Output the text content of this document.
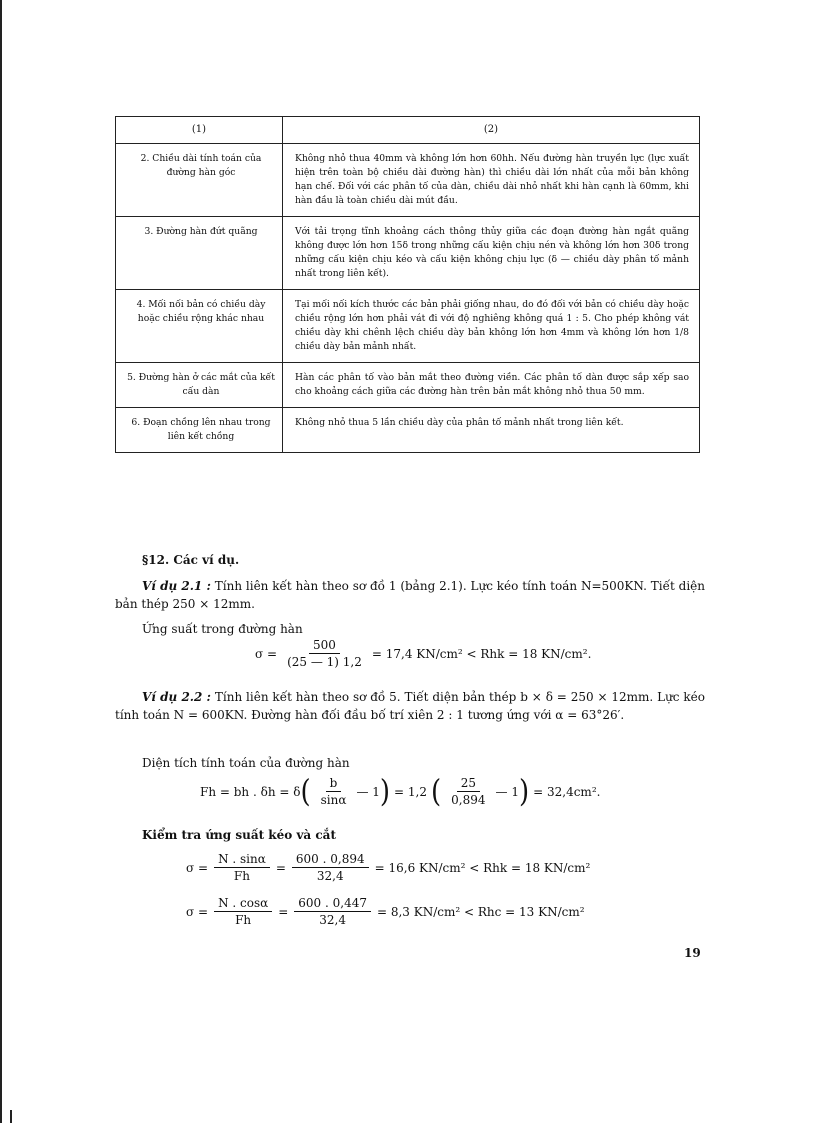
(1)	(2)
2. Chiều dài tính toán của đường hàn góc	Không nhỏ thua 40mm và không lớn hơn 60hh. Nếu đường hàn truyền lực (lực xuất hiện trên toàn bộ chiều dài đường hàn) thì chiều dài lớn nhất của mỗi bản không hạn chế. Đối với các phân tố của dàn, chiều dài nhỏ nhất khi hàn cạnh là 60mm, khi hàn đầu là toàn chiều dài mút đầu.
3. Đường hàn đứt quãng	Với tải trọng tĩnh khoảng cách thông thủy giữa các đoạn đường hàn ngắt quãng không được lớn hơn 15δ trong những cấu kiện chịu nén và không lớn hơn 30δ trong những cấu kiện chịu kéo và cấu kiện không chịu lực (δ — chiều dày phân tố mảnh nhất trong liên kết).
4. Mối nối bản có chiều dày hoặc chiều rộng khác nhau	Tại mối nối kích thước các bản phải giống nhau, do đó đối với bản có chiều dày hoặc chiều rộng lớn hơn phải vát đi với độ nghiêng không quá 1 : 5. Cho phép không vát chiều dày khi chênh lệch chiều dày bản không lớn hơn 4mm và không lớn hơn 1/8 chiều dày bản mảnh nhất.
5. Đường hàn ở các mắt của kết cấu dàn	Hàn các phân tố vào bản mắt theo đường viền. Các phân tố dàn được sắp xếp sao cho khoảng cách giữa các đường hàn trên bản mắt không nhỏ thua 50 mm.
6. Đoạn chồng lên nhau trong liên kết chồng	Không nhỏ thua 5 lần chiều dày của phân tố mảnh nhất trong liên kết.
§12. Các ví dụ.
Ví dụ 2.1 : Tính liên kết hàn theo sơ đồ 1 (bảng 2.1). Lực kéo tính toán N=500KN. Tiết diện bản thép 250 × 12mm.
Ứng suất trong đường hàn
$\sigma = \frac{500}{(25 — 1) 1,2} = 17,4$ KN/cm² < Rhk = 18 KN/cm².
Ví dụ 2.2 : Tính liên kết hàn theo sơ đồ 5. Tiết diện bản thép b × δ = 250 × 12mm. Lực kéo tính toán N = 600KN. Đường hàn đối đầu bố trí xiên 2 : 1 tương ứng với α = 63°26′.
Diện tích tính toán của đường hàn
Fh = bh . δh = δ ( $\frac{b}{\sin\alpha}$ — 1 ) = 1,2 ( $\frac{25}{0,894}$ — 1 ) = 32,4cm².
Kiểm tra ứng suất kéo và cắt
$\sigma = \frac{N . \sin\alpha}{Fh} = \frac{600 . 0,894}{32,4} = 16,6$ KN/cm² < Rhk = 18 KN/cm²
$\sigma = \frac{N . \cos\alpha}{Fh} = \frac{600 . 0,447}{32,4} = 8,3$ KN/cm² < Rhc = 13 KN/cm²
19
